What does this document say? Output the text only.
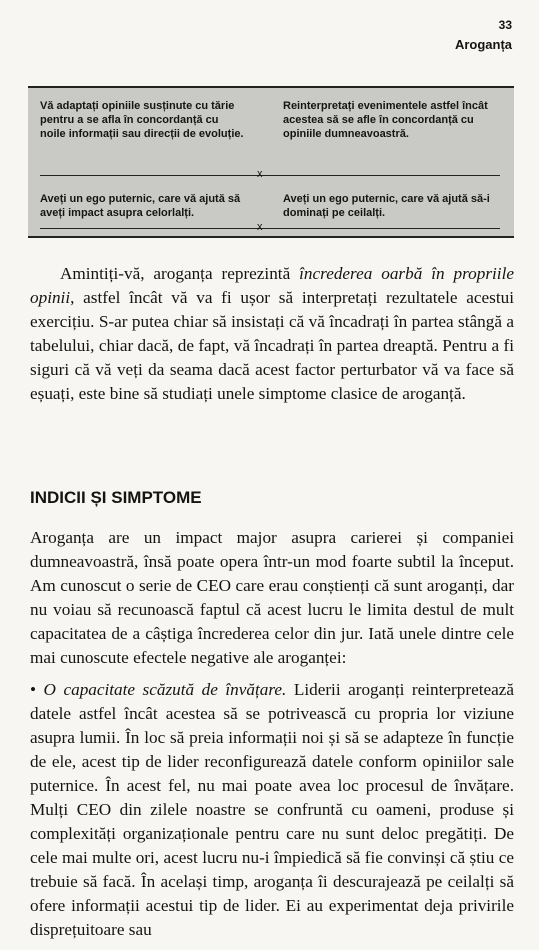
33
Aroganța
Vă adaptați opiniile susținute cu tărie pentru a se afla în concordanță cu noile informații sau direcții de evoluție.
Reinterpretați evenimentele astfel încât acestea să se afle în concordanță cu opiniile dumneavoastră.
x
Aveți un ego puternic, care vă ajută să aveți impact asupra celorlalți.
Aveți un ego puternic, care vă ajută să-i dominați pe ceilalți.
x

Amintiți-vă, aroganța reprezintă încrederea oarbă în propriile opinii, astfel încât vă va fi ușor să interpretați rezultatele acestui exercițiu. S-ar putea chiar să insistați că vă încadrați în partea stângă a tabelului, chiar dacă, de fapt, vă încadrați în partea dreaptă. Pentru a fi siguri că vă veți da seama dacă acest factor perturbator vă va face să eșuați, este bine să studiați unele simptome clasice de aroganță.

INDICII ȘI SIMPTOME

Aroganța are un impact major asupra carierei și companiei dumneavoastră, însă poate opera într-un mod foarte subtil la început. Am cunoscut o serie de CEO care erau conștienți că sunt aroganți, dar nu voiau să recunoască faptul că acest lucru le limita destul de mult capacitatea de a câștiga încrederea celor din jur. Iată unele dintre cele mai cunoscute efectele negative ale aroganței:

• O capacitate scăzută de învățare. Liderii aroganți reinterpretează datele astfel încât acestea să se potrivească cu propria lor viziune asupra lumii. În loc să preia informații noi și să se adapteze în funcție de ele, acest tip de lider reconfigurează datele conform opiniilor sale puternice. În acest fel, nu mai poate avea loc procesul de învățare. Mulți CEO din zilele noastre se confruntă cu oameni, produse și complexități organizaționale pentru care nu sunt deloc pregătiți. De cele mai multe ori, acest lucru nu-i împiedică să fie convinși că știu ce trebuie să facă. În același timp, aroganța îi descurajează pe ceilalți să ofere informații acestui tip de lider. Ei au experimentat deja privirile disprețuitoare sau
